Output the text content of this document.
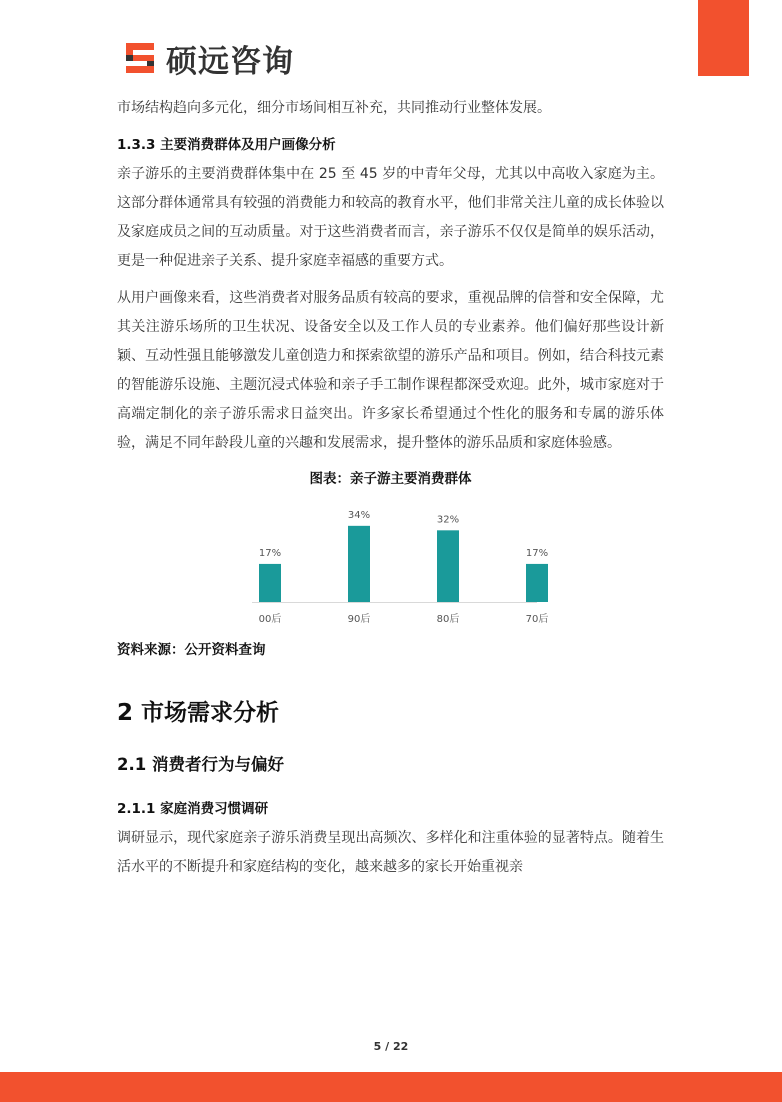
硕远咨询

市场结构趋向多元化，细分市场间相互补充，共同推动行业整体发展。

1.3.3 主要消费群体及用户画像分析

亲子游乐的主要消费群体集中在 25 至 45 岁的中青年父母，尤其以中高收入家庭为主。这部分群体通常具有较强的消费能力和较高的教育水平，他们非常关注儿童的成长体验以及家庭成员之间的互动质量。对于这些消费者而言，亲子游乐不仅仅是简单的娱乐活动，更是一种促进亲子关系、提升家庭幸福感的重要方式。

从用户画像来看，这些消费者对服务品质有较高的要求，重视品牌的信誉和安全保障，尤其关注游乐场所的卫生状况、设备安全以及工作人员的专业素养。他们偏好那些设计新颖、互动性强且能够激发儿童创造力和探索欲望的游乐产品和项目。例如，结合科技元素的智能游乐设施、主题沉浸式体验和亲子手工制作课程都深受欢迎。此外，城市家庭对于高端定制化的亲子游乐需求日益突出。许多家长希望通过个性化的服务和专属的游乐体验，满足不同年龄段儿童的兴趣和发展需求，提升整体的游乐品质和家庭体验感。

图表：亲子游主要消费群体
17%
00后
34%
90后
32%
80后
17%
70后
资料来源：公开资料查询
2 市场需求分析
2.1 消费者行为与偏好
2.1.1 家庭消费习惯调研

调研显示，现代家庭亲子游乐消费呈现出高频次、多样化和注重体验的显著特点。随着生活水平的不断提升和家庭结构的变化，越来越多的家长开始重视亲

5 / 22
